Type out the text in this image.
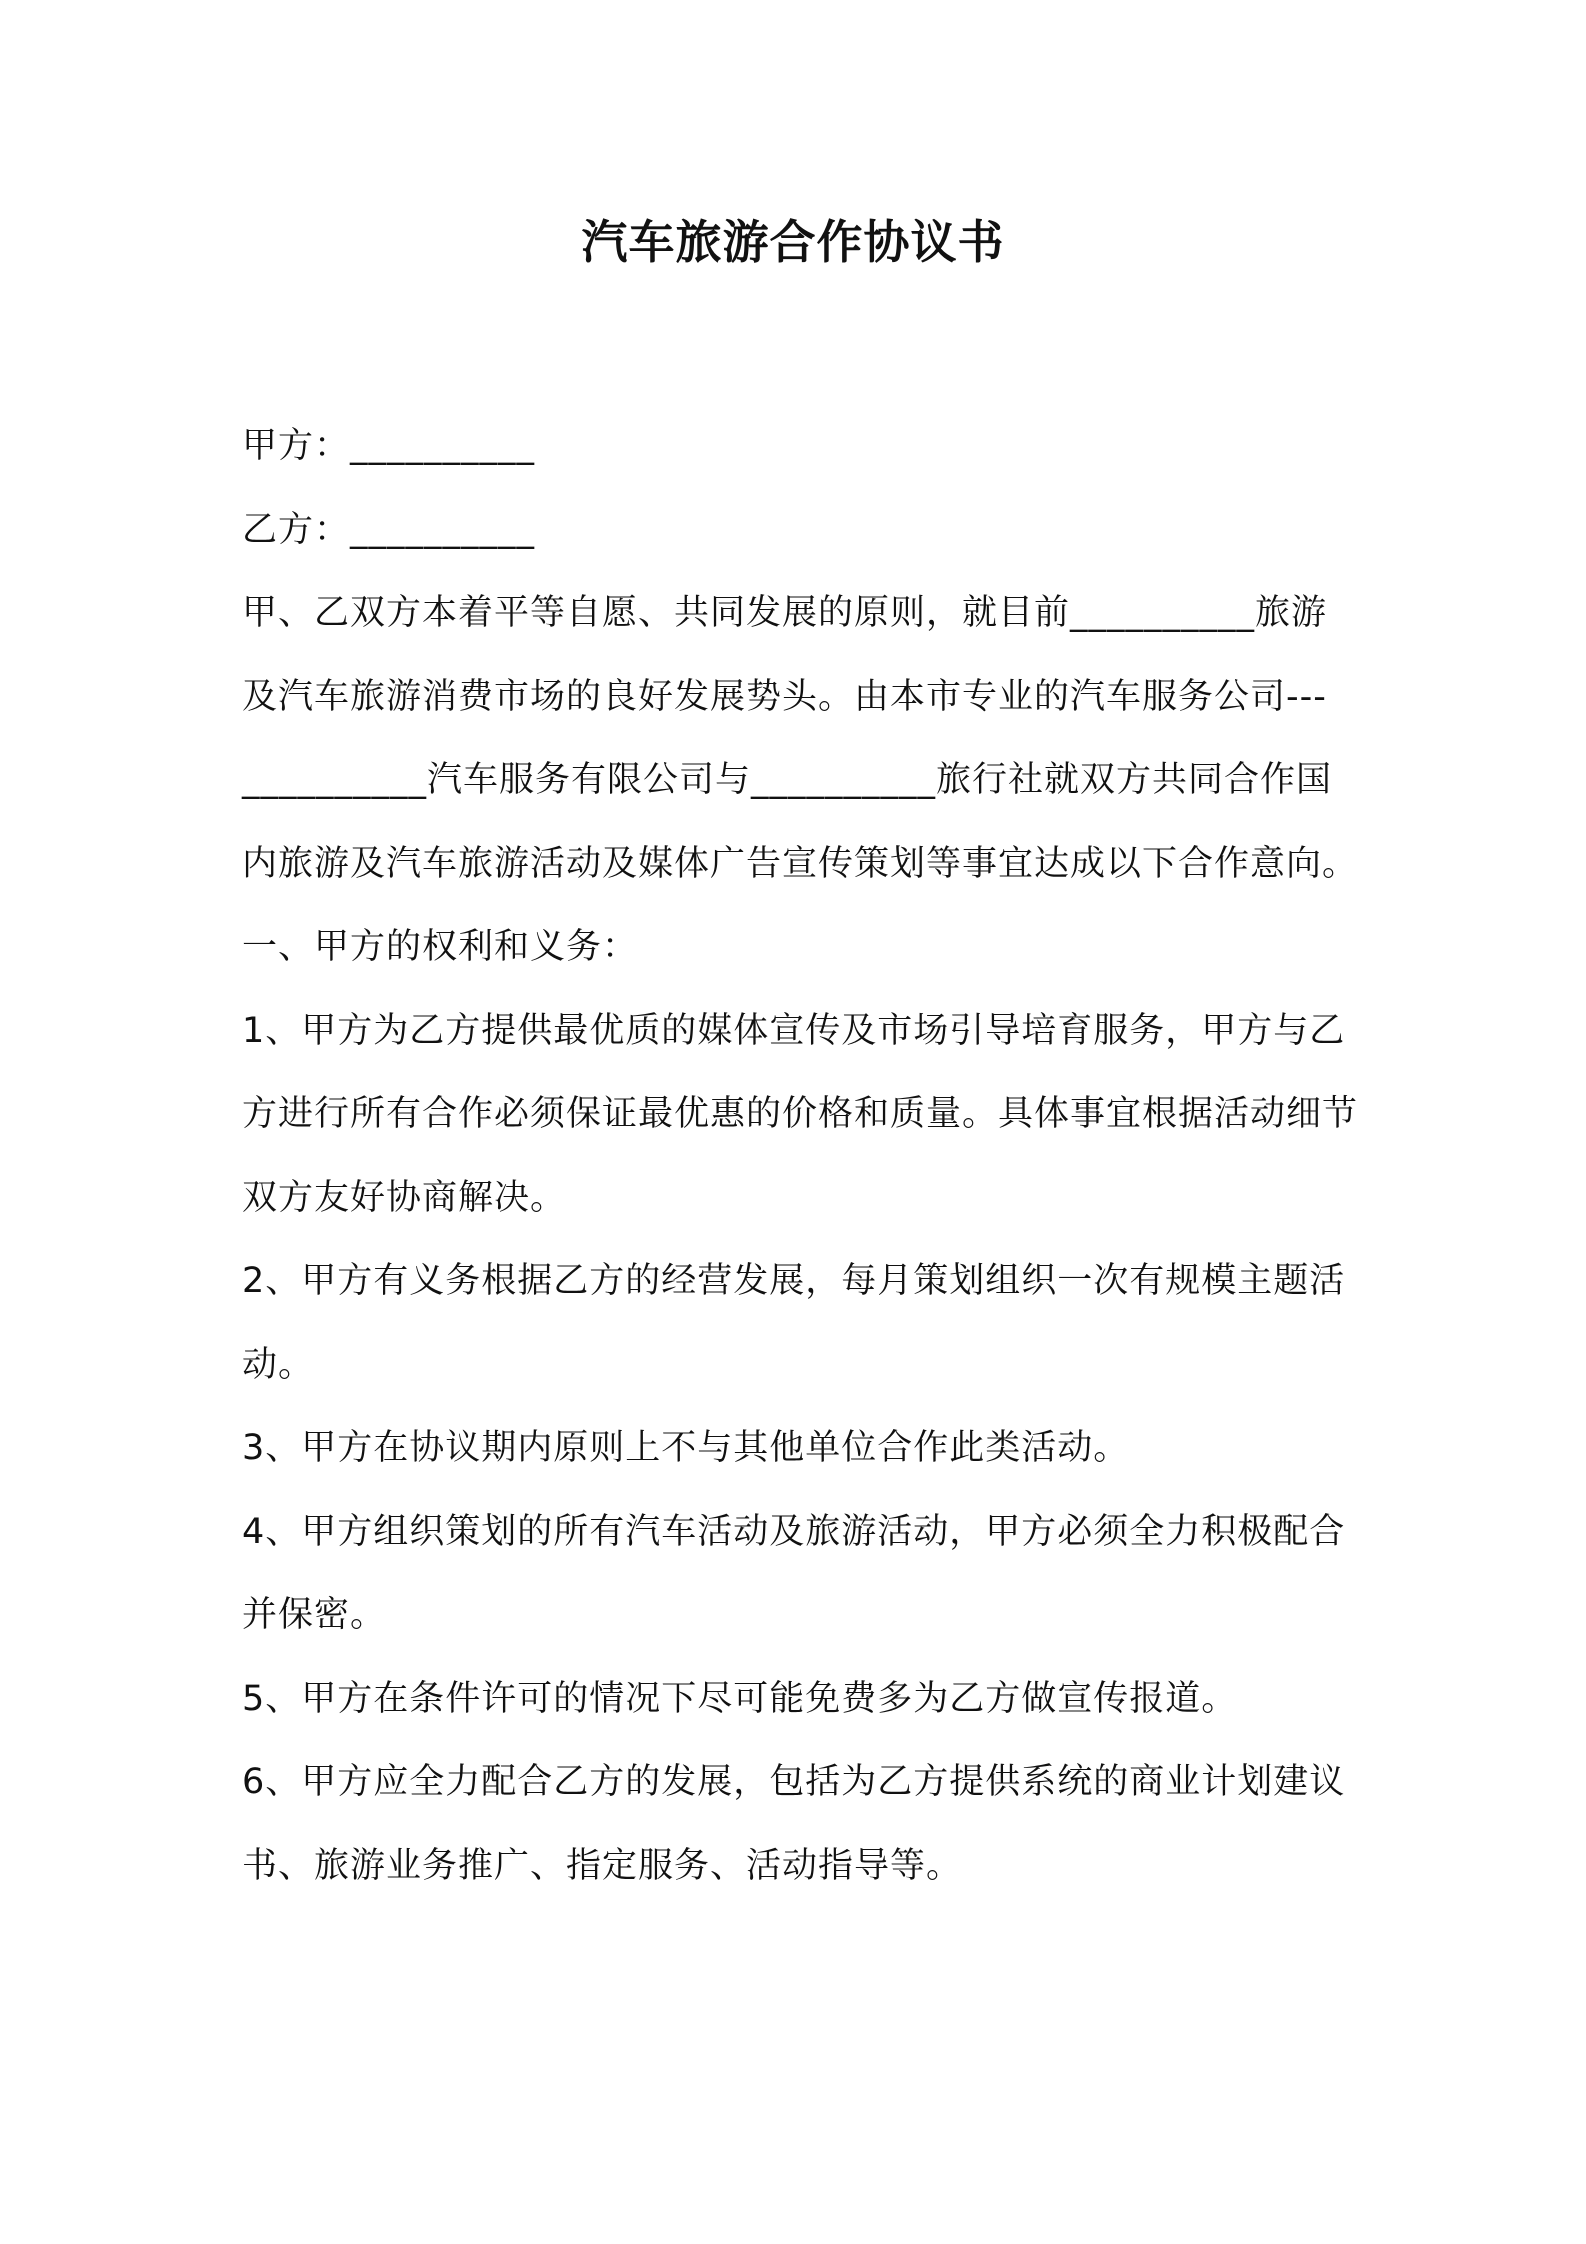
汽车旅游合作协议书

甲方：__________

乙方：__________

甲、乙双方本着平等自愿、共同发展的原则，就目前__________旅游及汽车旅游消费市场的良好发展势头。由本市专业的汽车服务公司---__________汽车服务有限公司与__________旅行社就双方共同合作国内旅游及汽车旅游活动及媒体广告宣传策划等事宜达成以下合作意向。

一、甲方的权利和义务：

1、甲方为乙方提供最优质的媒体宣传及市场引导培育服务，甲方与乙方进行所有合作必须保证最优惠的价格和质量。具体事宜根据活动细节双方友好协商解决。

2、甲方有义务根据乙方的经营发展，每月策划组织一次有规模主题活动。

3、甲方在协议期内原则上不与其他单位合作此类活动。

4、甲方组织策划的所有汽车活动及旅游活动，甲方必须全力积极配合并保密。

5、甲方在条件许可的情况下尽可能免费多为乙方做宣传报道。

6、甲方应全力配合乙方的发展，包括为乙方提供系统的商业计划建议书、旅游业务推广、指定服务、活动指导等。
